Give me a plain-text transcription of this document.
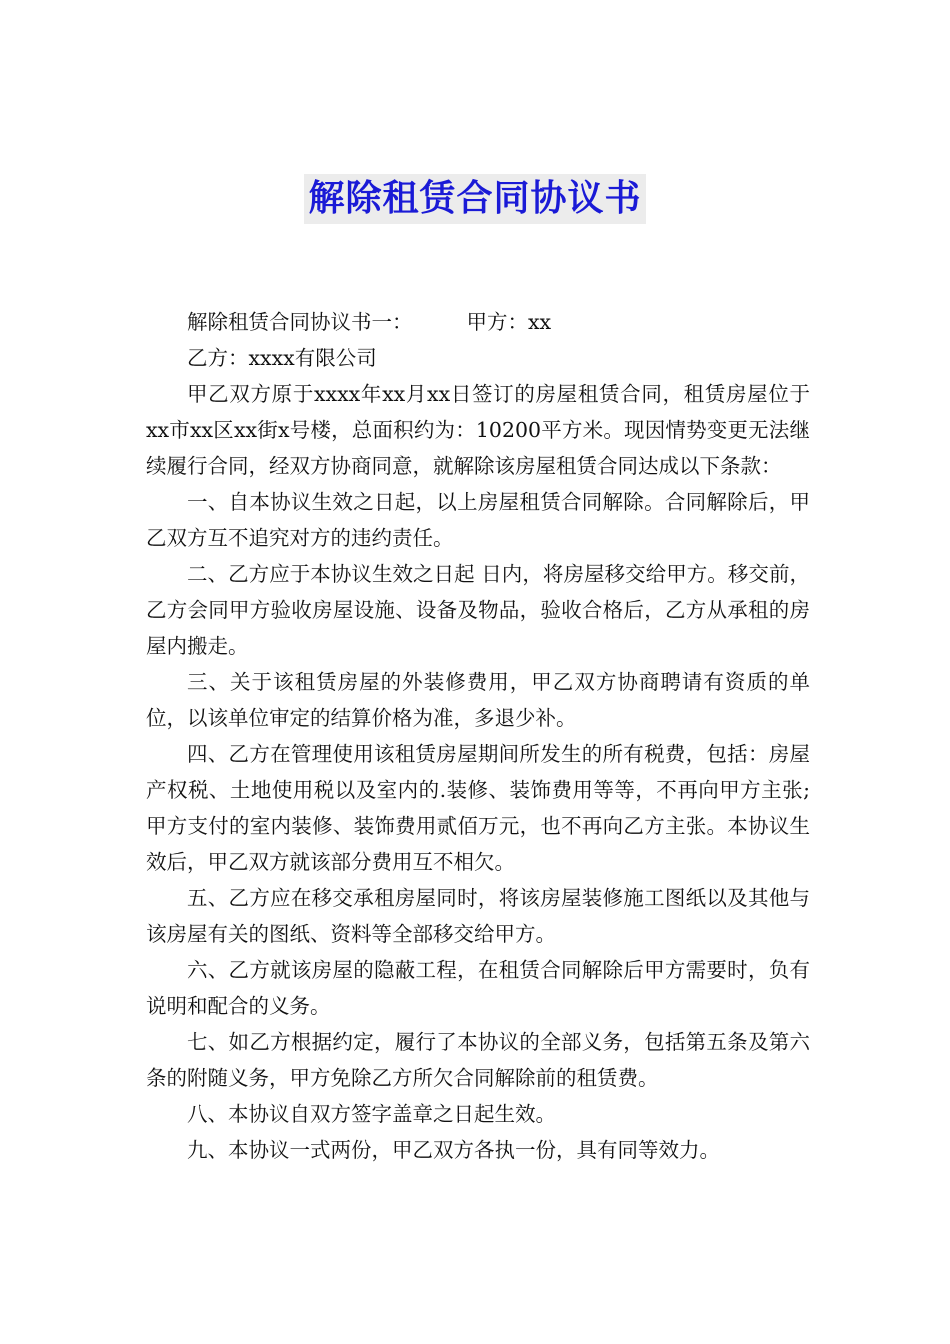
解除租赁合同协议书

解除租赁合同协议书一：	甲方：xx

乙方：xxxx有限公司

甲乙双方原于xxxx年xx月xx日签订的房屋租赁合同，租赁房屋位于xx市xx区xx街x号楼，总面积约为：10200平方米。现因情势变更无法继续履行合同，经双方协商同意，就解除该房屋租赁合同达成以下条款：

一、自本协议生效之日起，以上房屋租赁合同解除。合同解除后，甲乙双方互不追究对方的违约责任。

二、乙方应于本协议生效之日起 日内，将房屋移交给甲方。移交前，乙方会同甲方验收房屋设施、设备及物品，验收合格后，乙方从承租的房屋内搬走。

三、关于该租赁房屋的外装修费用，甲乙双方协商聘请有资质的单位，以该单位审定的结算价格为准，多退少补。

四、乙方在管理使用该租赁房屋期间所发生的所有税费，包括：房屋产权税、土地使用税以及室内的.装修、装饰费用等等，不再向甲方主张;甲方支付的室内装修、装饰费用贰佰万元，也不再向乙方主张。本协议生效后，甲乙双方就该部分费用互不相欠。

五、乙方应在移交承租房屋同时，将该房屋装修施工图纸以及其他与该房屋有关的图纸、资料等全部移交给甲方。

六、乙方就该房屋的隐蔽工程，在租赁合同解除后甲方需要时，负有说明和配合的义务。

七、如乙方根据约定，履行了本协议的全部义务，包括第五条及第六条的附随义务，甲方免除乙方所欠合同解除前的租赁费。

八、本协议自双方签字盖章之日起生效。

九、本协议一式两份，甲乙双方各执一份，具有同等效力。
